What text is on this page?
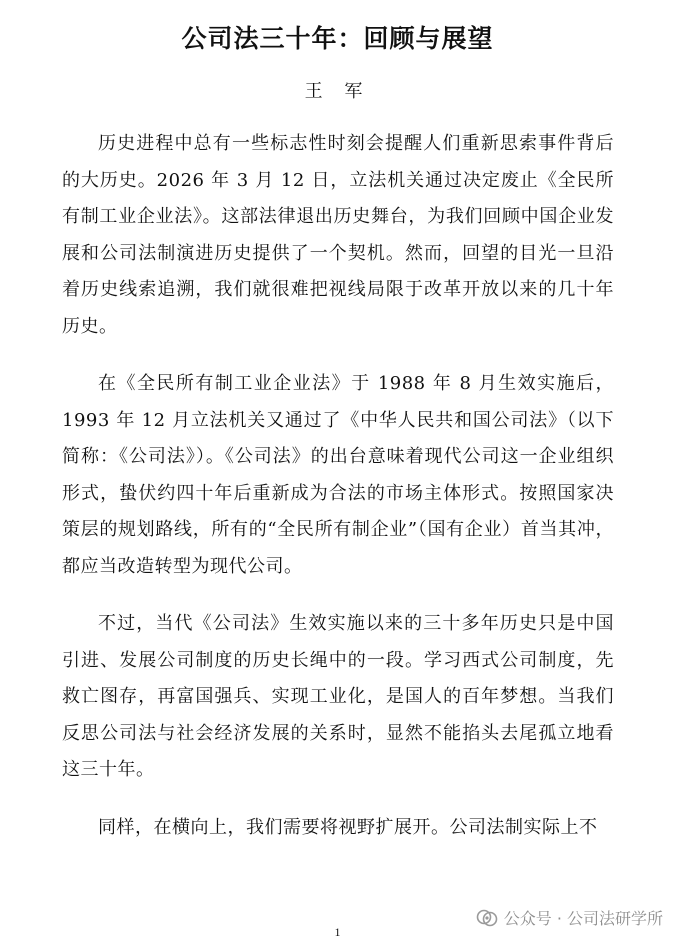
公司法三十年：回顾与展望
王 军

历史进程中总有一些标志性时刻会提醒人们重新思索事件背后的大历史。2026 年 3 月 12 日，立法机关通过决定废止《全民所有制工业企业法》。这部法律退出历史舞台，为我们回顾中国企业发展和公司法制演进历史提供了一个契机。然而，回望的目光一旦沿着历史线索追溯，我们就很难把视线局限于改革开放以来的几十年历史。

在《全民所有制工业企业法》于 1988 年 8 月生效实施后，1993 年 12 月立法机关又通过了《中华人民共和国公司法》（以下简称：《公司法》）。《公司法》的出台意味着现代公司这一企业组织形式，蛰伏约四十年后重新成为合法的市场主体形式。按照国家决策层的规划路线，所有的“全民所有制企业”（国有企业）首当其冲，都应当改造转型为现代公司。

不过，当代《公司法》生效实施以来的三十多年历史只是中国引进、发展公司制度的历史长绳中的一段。学习西式公司制度，先救亡图存，再富国强兵、实现工业化，是国人的百年梦想。当我们反思公司法与社会经济发展的关系时，显然不能掐头去尾孤立地看这三十年。

同样，在横向上，我们需要将视野扩展开。公司法制实际上不

1
公众号 · 公司法研学所
